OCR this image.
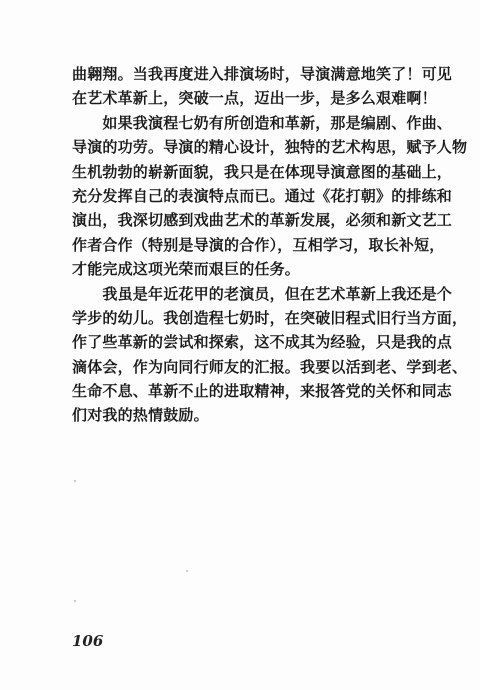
曲翱翔。当我再度进入排演场时，导演满意地笑了！可见
在艺术革新上，突破一点，迈出一步，是多么艰难啊！
　　如果我演程七奶有所创造和革新，那是编剧、作曲、
导演的功劳。导演的精心设计，独特的艺术构思，赋予人物
生机勃勃的崭新面貌，我只是在体现导演意图的基础上，
充分发挥自己的表演特点而已。通过《花打朝》的排练和
演出，我深切感到戏曲艺术的革新发展，必须和新文艺工
作者合作（特别是导演的合作），互相学习，取长补短，
才能完成这项光荣而艰巨的任务。
　　我虽是年近花甲的老演员，但在艺术革新上我还是个
学步的幼儿。我创造程七奶时，在突破旧程式旧行当方面，
作了些革新的尝试和探索，这不成其为经验，只是我的点
滴体会，作为向同行师友的汇报。我要以活到老、学到老、
生命不息、革新不止的进取精神，来报答党的关怀和同志
们对我的热情鼓励。
106
